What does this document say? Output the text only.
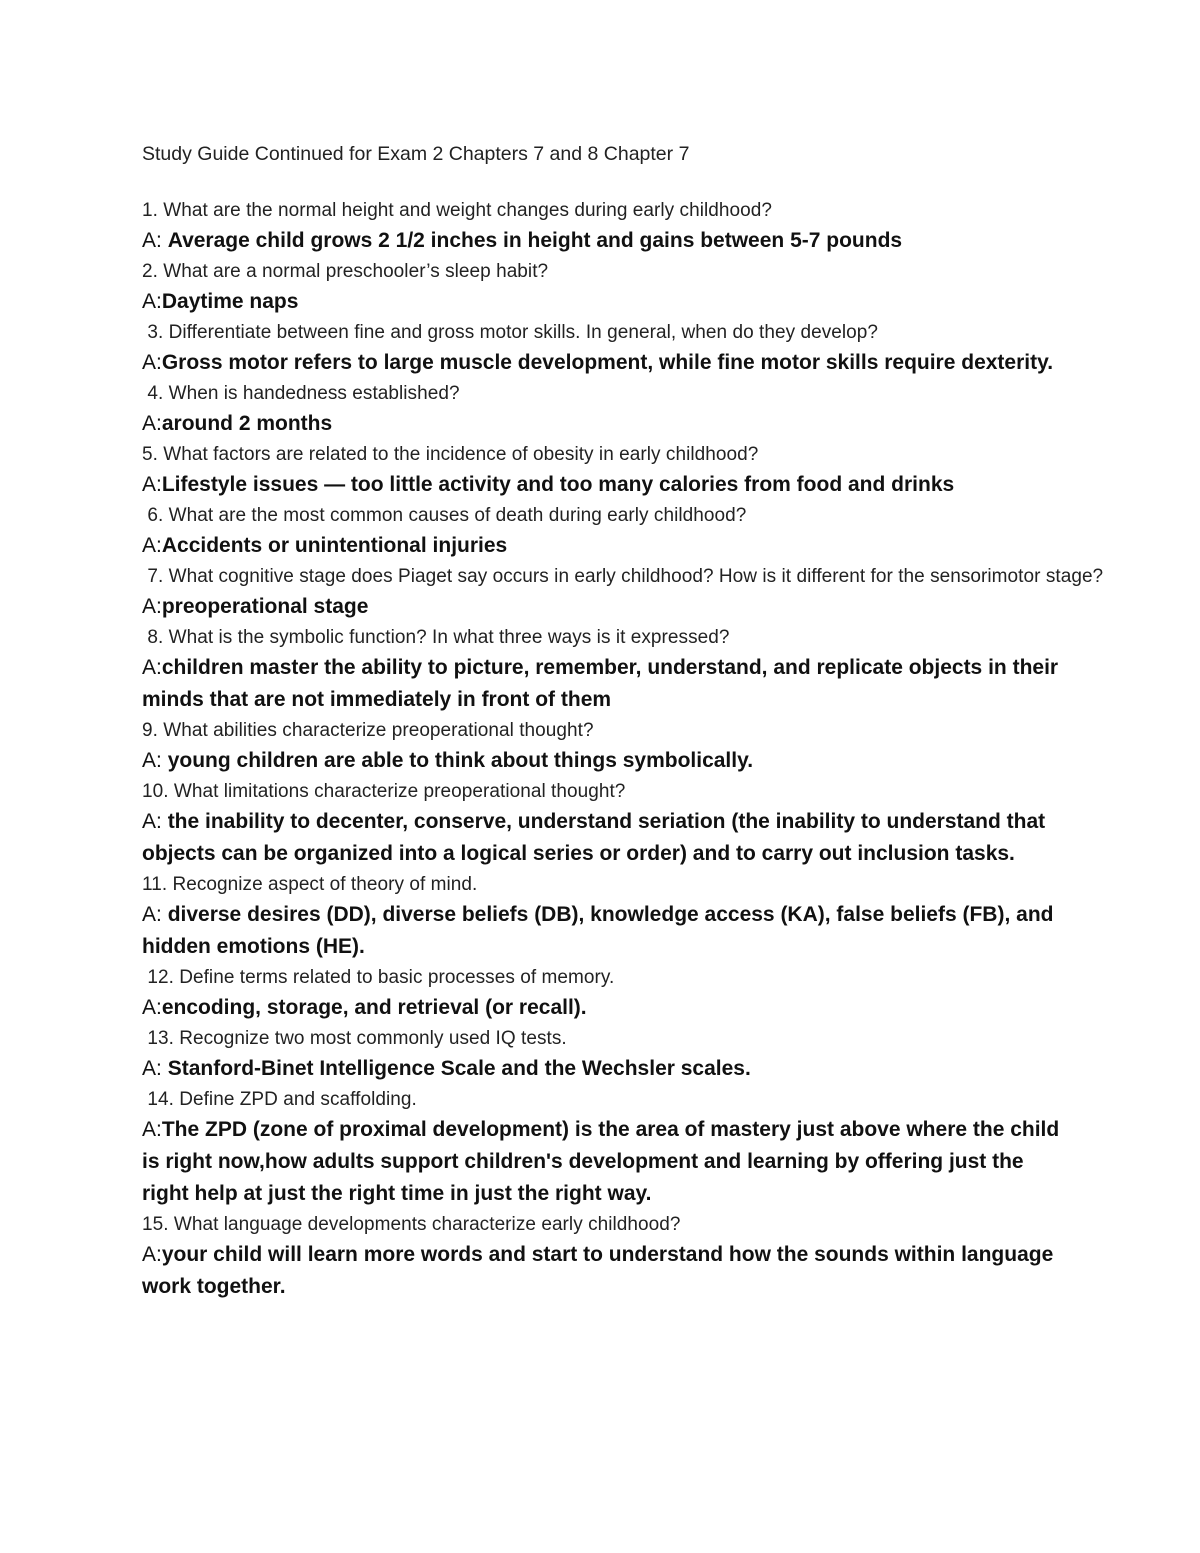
Study Guide Continued for Exam 2 Chapters 7 and 8 Chapter 7
1. What are the normal height and weight changes during early childhood?
A: Average child grows 2 1/2 inches in height and gains between 5-7 pounds
2. What are a normal preschooler’s sleep habit?
A:Daytime naps
3. Differentiate between fine and gross motor skills. In general, when do they develop?
A:Gross motor refers to large muscle development, while fine motor skills require dexterity.
4. When is handedness established?
A:around 2 months
5. What factors are related to the incidence of obesity in early childhood?
A:Lifestyle issues — too little activity and too many calories from food and drinks
6. What are the most common causes of death during early childhood?
A:Accidents or unintentional injuries
7. What cognitive stage does Piaget say occurs in early childhood? How is it different for the sensorimotor stage?
A:preoperational stage
8. What is the symbolic function? In what three ways is it expressed?
A:children master the ability to picture, remember, understand, and replicate objects in their minds that are not immediately in front of them
9. What abilities characterize preoperational thought?
A: young children are able to think about things symbolically.
10. What limitations characterize preoperational thought?
A: the inability to decenter, conserve, understand seriation (the inability to understand that objects can be organized into a logical series or order) and to carry out inclusion tasks.
11. Recognize aspect of theory of mind.
A: diverse desires (DD), diverse beliefs (DB), knowledge access (KA), false beliefs (FB), and hidden emotions (HE).
12. Define terms related to basic processes of memory.
A:encoding, storage, and retrieval (or recall).
13. Recognize two most commonly used IQ tests.
A: Stanford-Binet Intelligence Scale and the Wechsler scales.
14. Define ZPD and scaffolding.
A:The ZPD (zone of proximal development) is the area of mastery just above where the child is right now,how adults support children's development and learning by offering just the right help at just the right time in just the right way.
15. What language developments characterize early childhood?
A:your child will learn more words and start to understand how the sounds within language work together.
